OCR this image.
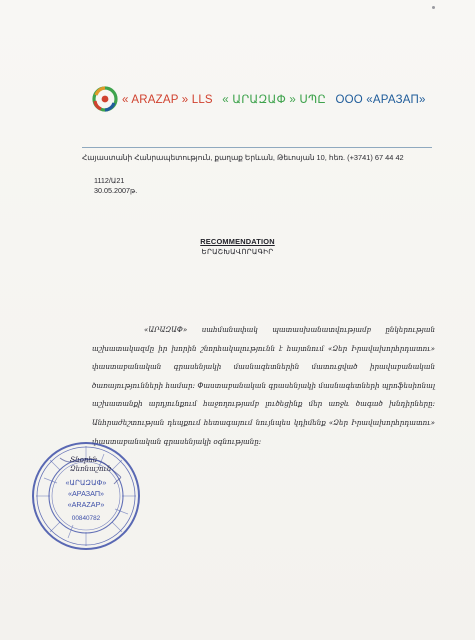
« ARAZAP » LLS « ԱՐԱԶԱՓ » ՍՊԸ ООО «АРАЗАП»
Հայաստանի Հանրապետություն, քաղաք Երևան, Թեւոսյան 10, հեռ. (+3741) 67 44 42
1112/Ա21
30.05.2007թ.
RECOMMENDATION
ԵՐԱՇԽԱՎՈՐԱԳԻՐ
«ԱՐԱԶԱՓ» սահմանափակ պատասխանատվությամբ ընկերության աշխատակազմը իր խորին շնորհակալությունն է հայտնում «Ձեր Իրավախորհրդատու» փաստաբանական գրասենյակի մասնագետներին մատուցված իրավաբանական ծառայությունների համար: Փաստաբանական գրասենյակի մասնագետների պրոֆեսիոնալ աշխատանքի արդյունքում հաջողությամբ լուծեցինք մեր առջև ծագած խնդիրները: Անհրաժեշտության դեպքում հետագայում նույնպես կդիմենք «Ձեր Իրավախորհրդատու» փաստաբանական գրասենյակի օգնությանը:
«ԱՐԱԶԱՓ»
«АРАЗАП»
«ARAZAP»
00840782
Տնօրեն
Ձեռնաշուն
